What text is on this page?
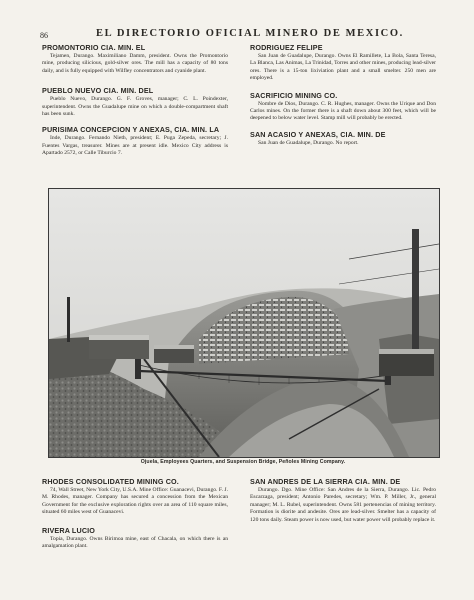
86	EL DIRECTORIO OFICIAL MINERO DE MEXICO.

PROMONTORIO CIA. MIN. EL

Tejamen, Durango. Maximiliano Damm, president. Owns the Promontorio mine, producing silicious, gold-silver ores. The mill has a capacity of 80 tons daily, and is fully equipped with Wilfley concentrators and cyanide plant.

PUEBLO NUEVO CIA. MIN. DEL

Pueblo Nuevo, Durango. G. F. Groves, manager; C. L. Poindexter, superintendent. Owns the Guadalupe mine on which a double-compartment shaft has been sunk.

PURISIMA CONCEPCION Y ANEXAS, CIA. MIN. LA

Inde, Durango. Fernando Nieth, president; E. Puga Zepeda, secretary; J. Fuentes Vargas, treasurer. Mines are at present idle. Mexico City address is Apartado 2572, or Calle Tiburcio 7.

RODRIGUEZ FELIPE

San Juan de Guadalupe, Durango. Owns El Ramillete, La Bola, Santa Teresa, La Blanca, Las Animas, La Trinidad, Torres and other mines, producing lead-silver ores. There is a 15-ton lixiviation plant and a small smelter. 250 men are employed.

SACRIFICIO MINING CO.

Nombre de Dios, Durango. C. R. Hughes, manager. Owns the Urique and Don Carlos mines. On the former there is a shaft down about 300 feet, which will be deepened to below water level. Stamp mill will probably be erected.

SAN ACASIO Y ANEXAS, CIA. MIN. DE

San Juan de Guadalupe, Durango. No report.

Ojuela, Employees Quarters, and Suspension Bridge, Peñoles Mining Company.

RHODES CONSOLIDATED MINING CO.

74, Wall Street, New York City, U.S.A. Mine Office: Guanacevi, Durango. F. J. M. Rhodes, manager. Company has secured a concession from the Mexican Government for the exclusive exploration rights over an area of 110 square miles, situated 60 miles west of Guanacevi.

RIVERA LUCIO

Topia, Durango. Owns Birimoa mine, east of Chacala, on which there is an amalgamation plant.

SAN ANDRES DE LA SIERRA CIA. MIN. DE

Durango. Dgo. Mine Office: San Andres de la Sierra, Durango. Lic. Pedro Escarzaga, president; Antonio Paredes, secretary; Wm. P. Miller, Jr., general manager; M. L. Rubel, superintendent. Owns 581 pertenencias of mining territory. Formation is diorite and andesite. Ores are lead-silver. Smelter has a capacity of 120 tons daily. Steam power is now used, but water power will probably replace it.
